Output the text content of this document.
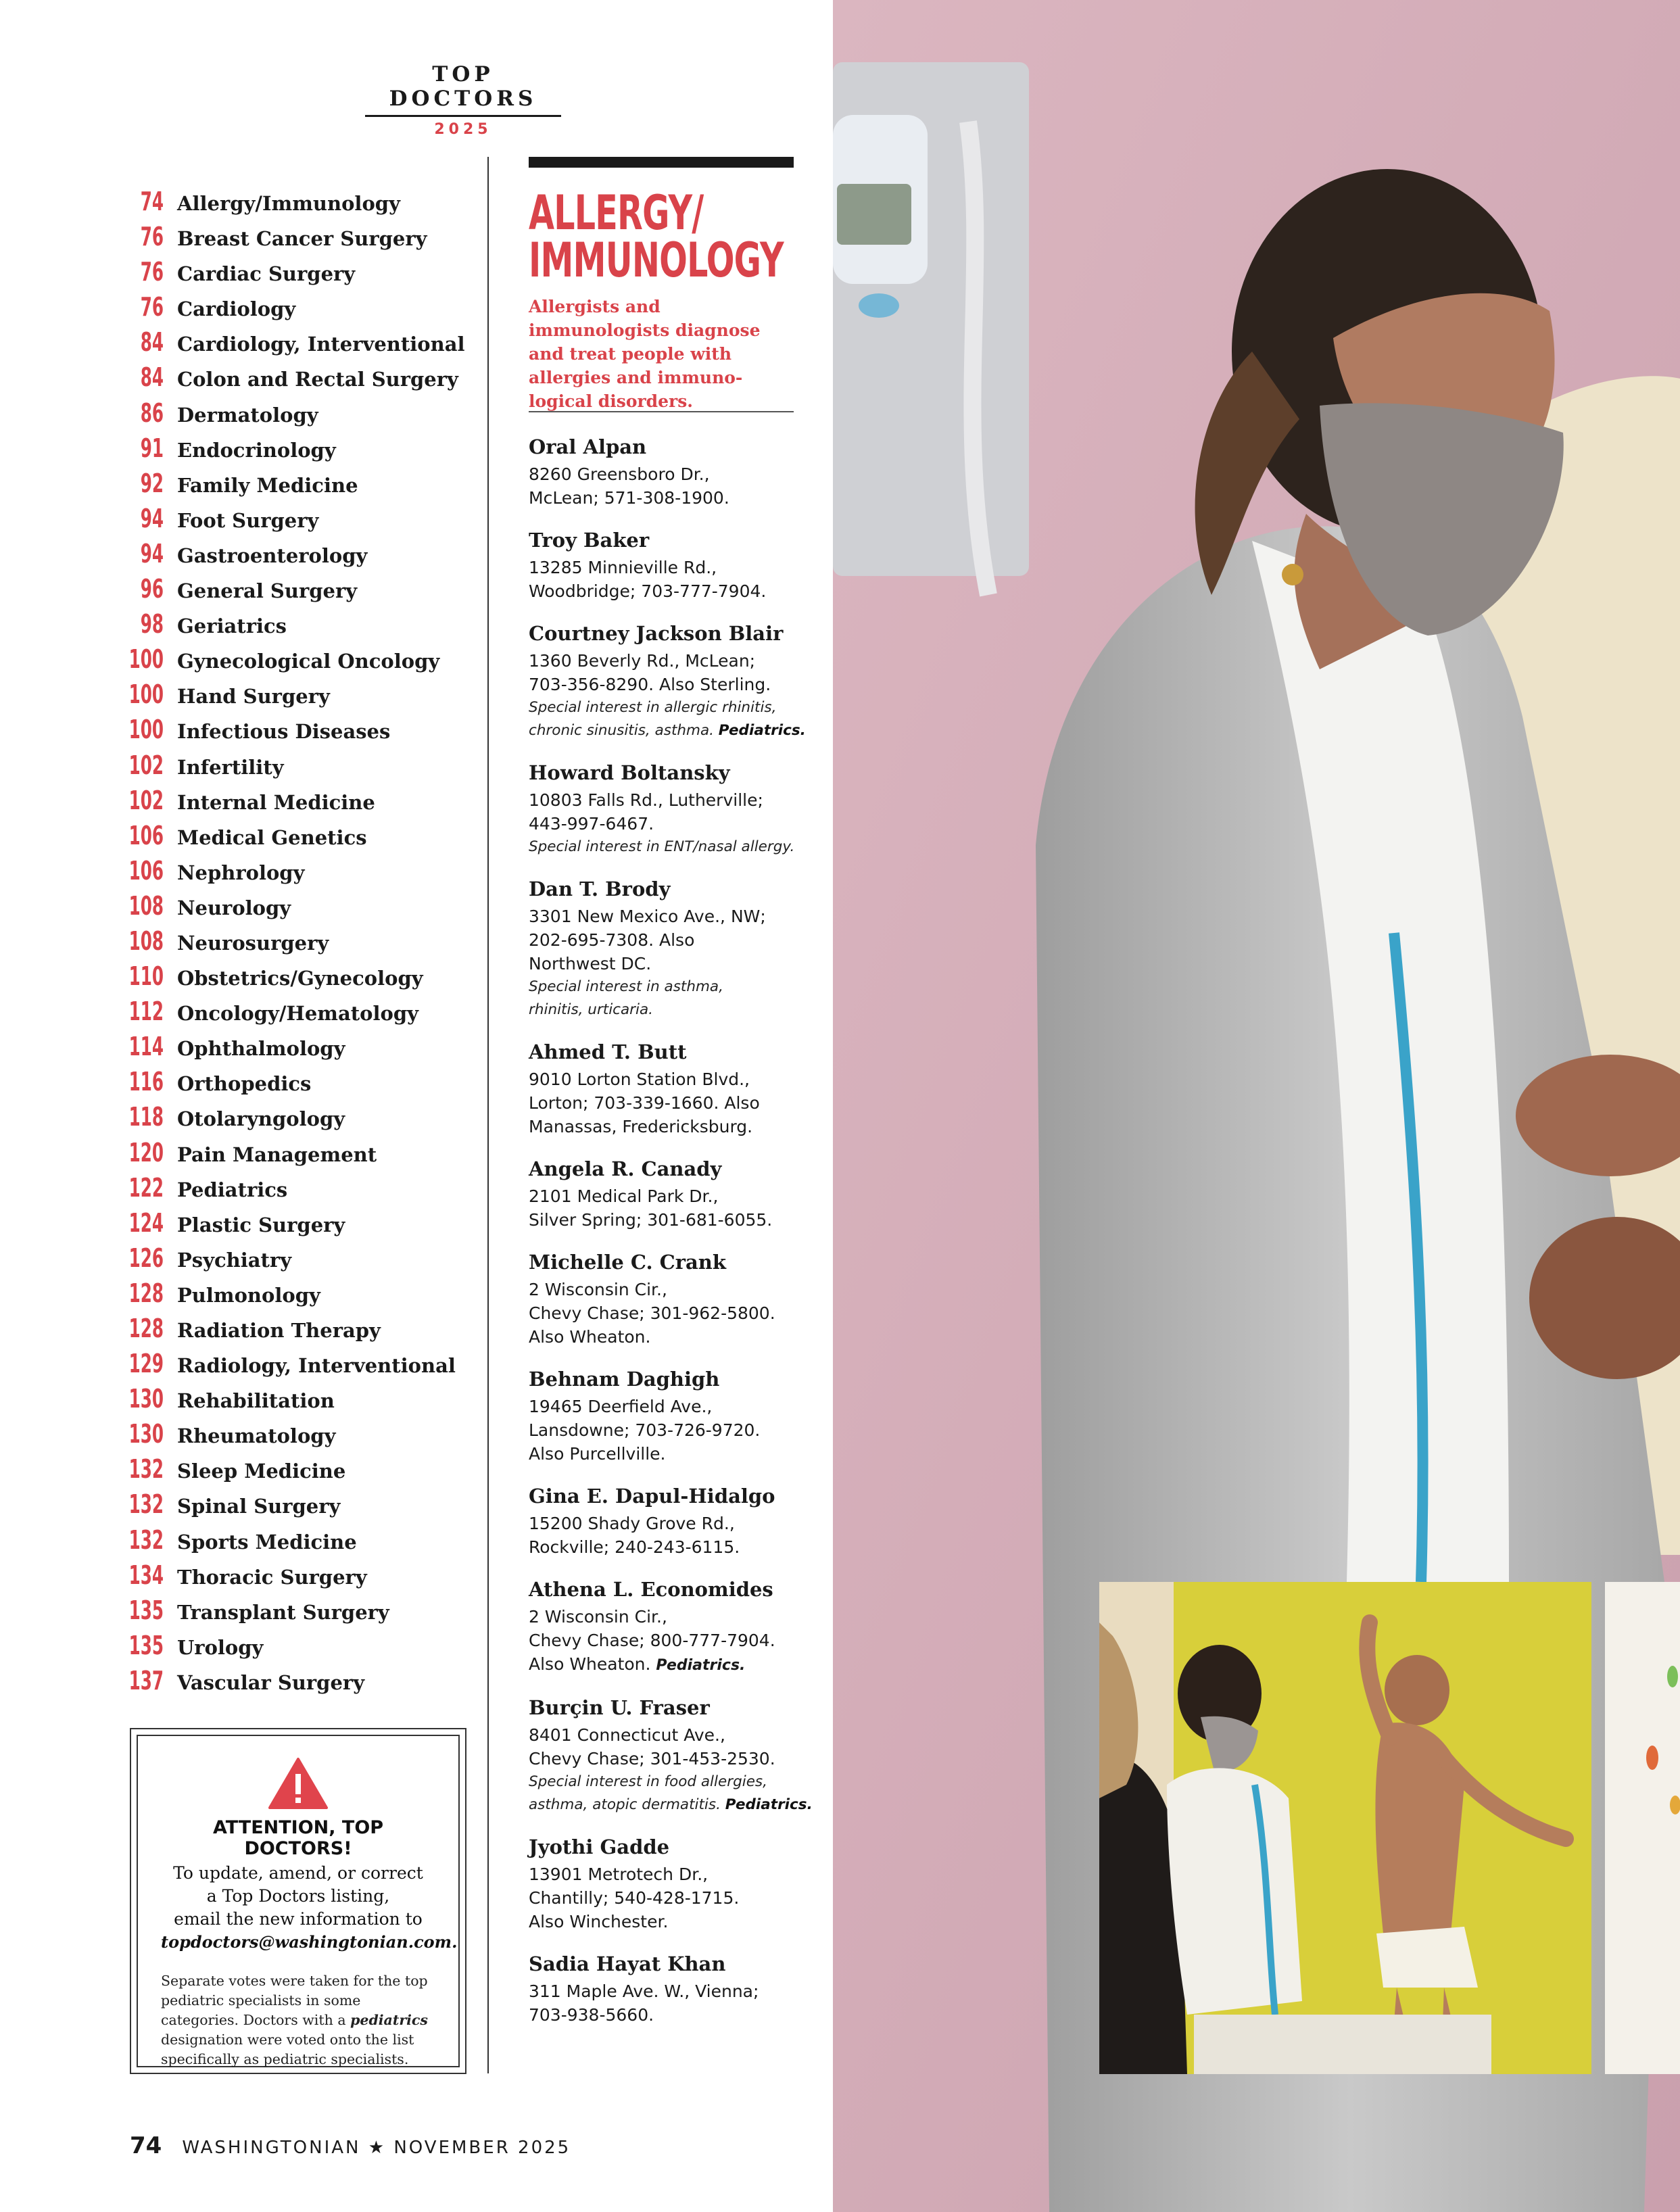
TOP DOCTORS
2025
74 Allergy/Immunology
76 Breast Cancer Surgery
76 Cardiac Surgery
76 Cardiology
84 Cardiology, Interventional
84 Colon and Rectal Surgery
86 Dermatology
91 Endocrinology
92 Family Medicine
94 Foot Surgery
94 Gastroenterology
96 General Surgery
98 Geriatrics
100 Gynecological Oncology
100 Hand Surgery
100 Infectious Diseases
102 Infertility
102 Internal Medicine
106 Medical Genetics
106 Nephrology
108 Neurology
108 Neurosurgery
110 Obstetrics/Gynecology
112 Oncology/Hematology
114 Ophthalmology
116 Orthopedics
118 Otolaryngology
120 Pain Management
122 Pediatrics
124 Plastic Surgery
126 Psychiatry
128 Pulmonology
128 Radiation Therapy
129 Radiology, Interventional
130 Rehabilitation
130 Rheumatology
132 Sleep Medicine
132 Spinal Surgery
132 Sports Medicine
134 Thoracic Surgery
135 Transplant Surgery
135 Urology
137 Vascular Surgery
ATTENTION, TOP DOCTORS!
To update, amend, or correct
a Top Doctors listing,
email the new information to
topdoctors@washingtonian.com.
Separate votes were taken for the top pediatric specialists in some categories. Doctors with a pediatrics designation were voted onto the list specifically as pediatric specialists.
ALLERGY/
IMMUNOLOGY
Allergists and immunologists diagnose and treat people with allergies and immuno-logical disorders.
Oral Alpan
8260 Greensboro Dr.,
McLean; 571-308-1900.
Troy Baker
13285 Minnieville Rd.,
Woodbridge; 703-777-7904.
Courtney Jackson Blair
1360 Beverly Rd., McLean;
703-356-8290. Also Sterling.
Special interest in allergic rhinitis,
chronic sinusitis, asthma. Pediatrics.
Howard Boltansky
10803 Falls Rd., Lutherville;
443-997-6467.
Special interest in ENT/nasal allergy.
Dan T. Brody
3301 New Mexico Ave., NW;
202-695-7308. Also
Northwest DC.
Special interest in asthma,
rhinitis, urticaria.
Ahmed T. Butt
9010 Lorton Station Blvd.,
Lorton; 703-339-1660. Also
Manassas, Fredericksburg.
Angela R. Canady
2101 Medical Park Dr.,
Silver Spring; 301-681-6055.
Michelle C. Crank
2 Wisconsin Cir.,
Chevy Chase; 301-962-5800.
Also Wheaton.
Behnam Daghigh
19465 Deerfield Ave.,
Lansdowne; 703-726-9720.
Also Purcellville.
Gina E. Dapul-Hidalgo
15200 Shady Grove Rd.,
Rockville; 240-243-6115.
Athena L. Economides
2 Wisconsin Cir.,
Chevy Chase; 800-777-7904.
Also Wheaton. Pediatrics.
Burçin U. Fraser
8401 Connecticut Ave.,
Chevy Chase; 301-453-2530.
Special interest in food allergies,
asthma, atopic dermatitis. Pediatrics.
Jyothi Gadde
13901 Metrotech Dr.,
Chantilly; 540-428-1715.
Also Winchester.
Sadia Hayat Khan
311 Maple Ave. W., Vienna;
703-938-5660.
74 WASHINGTONIAN ★ NOVEMBER 2025
